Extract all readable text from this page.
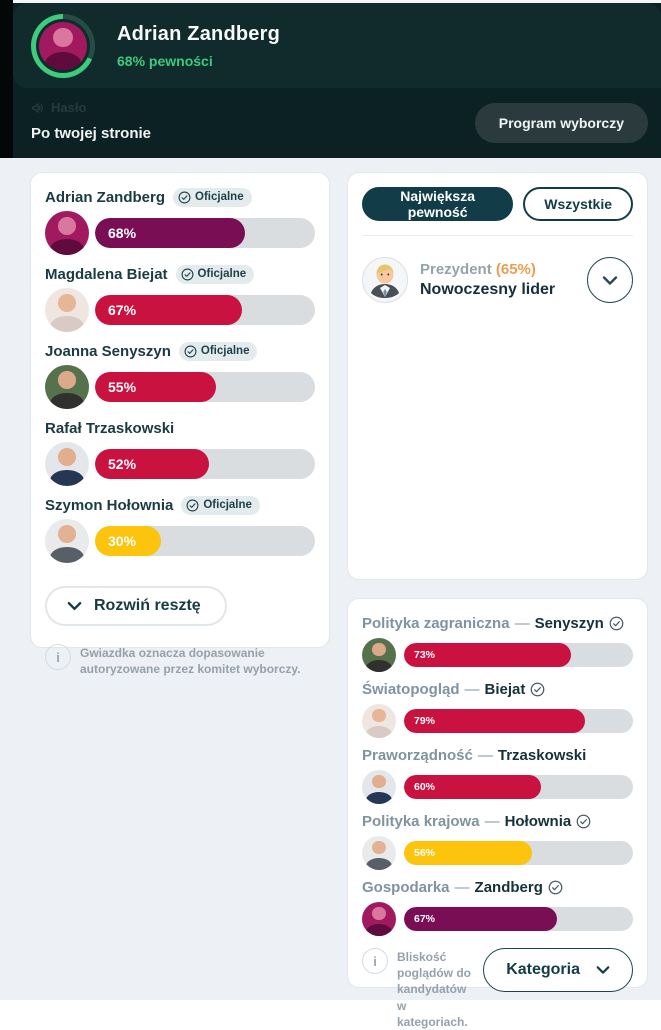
Adrian Zandberg
68% pewności
Hasło
Po twojej stronie
Program wyborczy
Adrian Zandberg	Oficjalne
68%
Magdalena Biejat	Oficjalne
67%
Joanna Senyszyn	Oficjalne
55%
Rafał Trzaskowski
52%
Szymon Hołownia	Oficjalne
30%
Rozwiń resztę
i	Gwiazdka oznacza dopasowanie autoryzowane przez komitet wyborczy.
Największa pewność	Wszystkie

Prezydent (65%)
Nowoczesny lider
Polityka zagraniczna — Senyszyn
73%
Światopogląd — Biejat
79%
Praworządność — Trzaskowski
60%
Polityka krajowa — Hołownia
56%
Gospodarka — Zandberg
67%
i	Bliskość poglądów do kandydatów w kategoriach.
Kategoria
